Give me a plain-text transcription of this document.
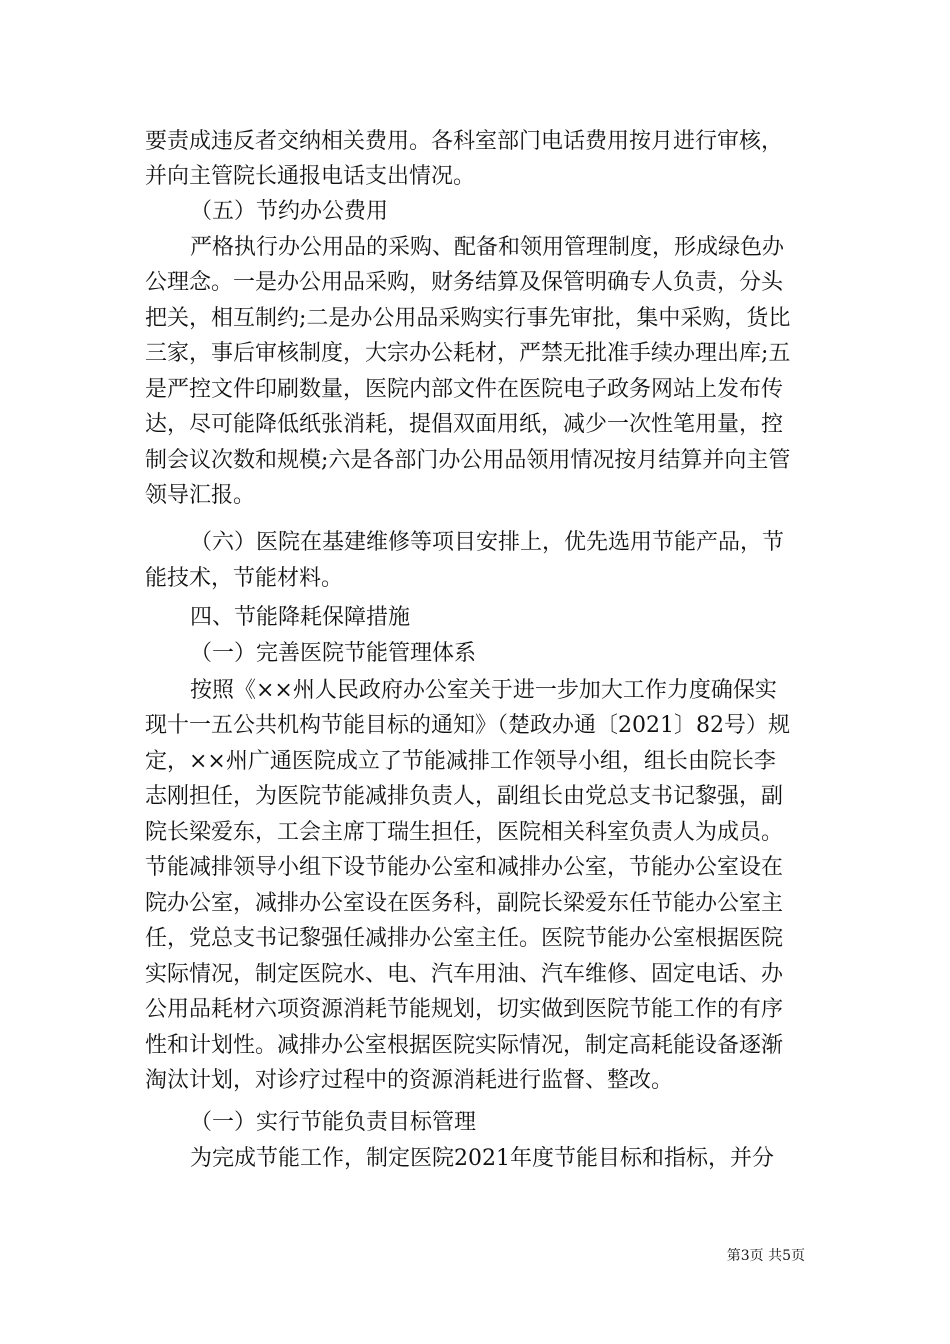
要责成违反者交纳相关费用。各科室部门电话费用按月进行审核，
并向主管院长通报电话支出情况。
（五）节约办公费用
严格执行办公用品的采购、配备和领用管理制度，形成绿色办
公理念。一是办公用品采购，财务结算及保管明确专人负责，分头
把关，相互制约;二是办公用品采购实行事先审批，集中采购，货比
三家，事后审核制度，大宗办公耗材，严禁无批准手续办理出库;五
是严控文件印刷数量，医院内部文件在医院电子政务网站上发布传
达，尽可能降低纸张消耗，提倡双面用纸，减少一次性笔用量，控
制会议次数和规模;六是各部门办公用品领用情况按月结算并向主管
领导汇报。
（六）医院在基建维修等项目安排上，优先选用节能产品，节
能技术，节能材料。
四、节能降耗保障措施
（一）完善医院节能管理体系
按照《××州人民政府办公室关于进一步加大工作力度确保实
现十一五公共机构节能目标的通知》（楚政办通〔2021〕82号）规
定，××州广通医院成立了节能减排工作领导小组，组长由院长李
志刚担任，为医院节能减排负责人，副组长由党总支书记黎强，副
院长梁爱东，工会主席丁瑞生担任，医院相关科室负责人为成员。
节能减排领导小组下设节能办公室和减排办公室，节能办公室设在
院办公室，减排办公室设在医务科，副院长梁爱东任节能办公室主
任，党总支书记黎强任减排办公室主任。医院节能办公室根据医院
实际情况，制定医院水、电、汽车用油、汽车维修、固定电话、办
公用品耗材六项资源消耗节能规划，切实做到医院节能工作的有序
性和计划性。减排办公室根据医院实际情况，制定高耗能设备逐渐
淘汰计划，对诊疗过程中的资源消耗进行监督、整改。
（一）实行节能负责目标管理
为完成节能工作，制定医院2021年度节能目标和指标，并分
第3页 共5页
